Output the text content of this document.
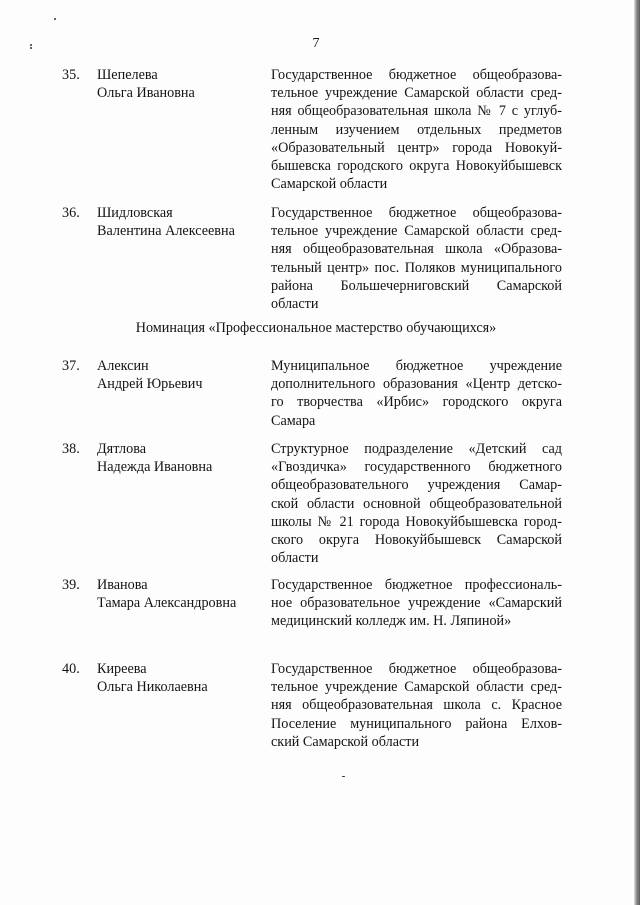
7
35. Шепелева
Ольга Ивановна
Государственное бюджетное общеобразова-
тельное учреждение Самарской области сред-
няя общеобразовательная школа № 7 с углуб-
ленным изучением отдельных предметов
«Образовательный центр» города Новокуй-
бышевска городского округа Новокуйбышевск
Самарской области
36. Шидловская
Валентина Алексеевна
Государственное бюджетное общеобразова-
тельное учреждение Самарской области сред-
няя общеобразовательная школа «Образова-
тельный центр» пос. Поляков муниципального
района Большечерниговский Самарской
области
Номинация «Профессиональное мастерство обучающихся»
37. Алексин
Андрей Юрьевич
Муниципальное бюджетное учреждение
дополнительного образования «Центр детско-
го творчества «Ирбис» городского округа
Самара
38. Дятлова
Надежда Ивановна
Структурное подразделение «Детский сад
«Гвоздичка» государственного бюджетного
общеобразовательного учреждения Самар-
ской области основной общеобразовательной
школы № 21 города Новокуйбышевска город-
ского округа Новокуйбышевск Самарской
области
39. Иванова
Тамара Александровна
Государственное бюджетное профессиональ-
ное образовательное учреждение «Самарский
медицинский колледж им. Н. Ляпиной»
40. Киреева
Ольга Николаевна
Государственное бюджетное общеобразова-
тельное учреждение Самарской области сред-
няя общеобразовательная школа с. Красное
Поселение муниципального района Елхов-
ский Самарской области
